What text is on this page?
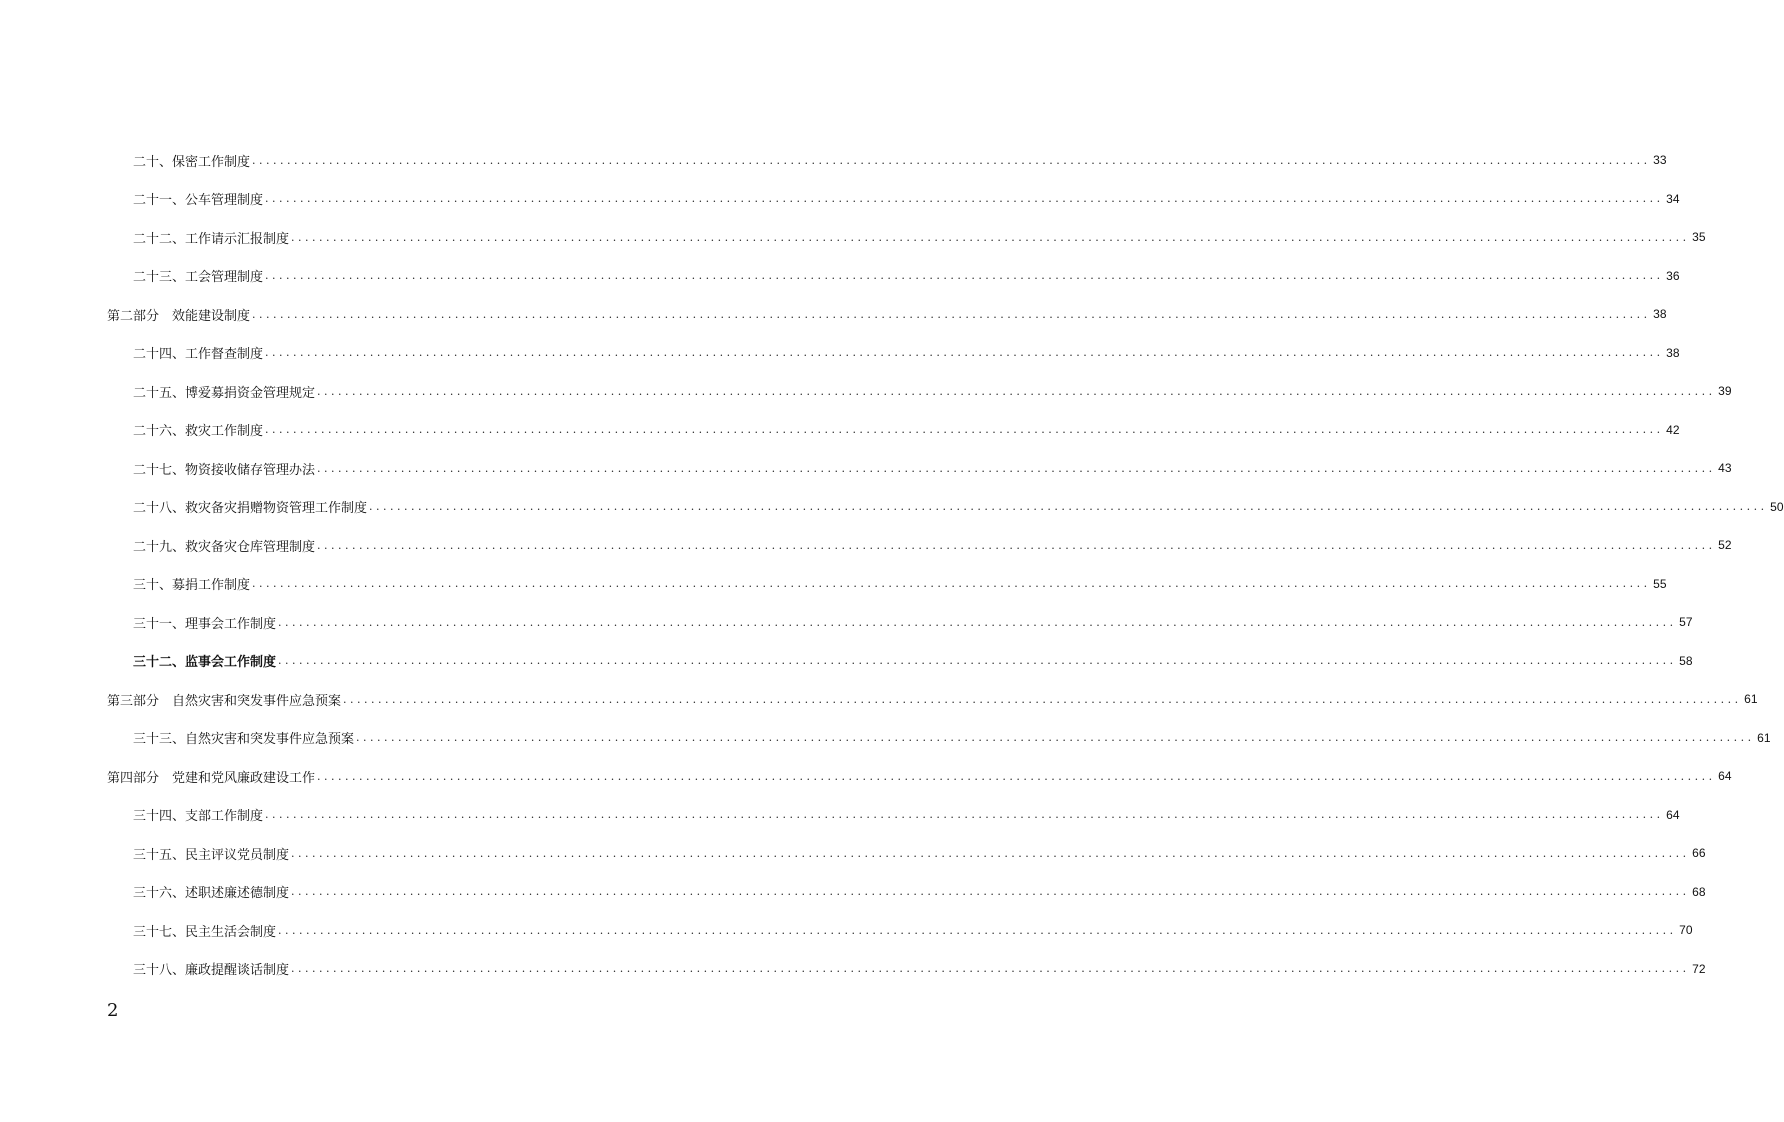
二十、保密工作制度 . . . . . . . . . . . . . . . . . . . . . . . . . . . . . . . . . . . . . . . . . . . . . . . . . . . . . . . . . . . . . . . . . . . . . . . . . . . . . . . . . . . . . . . . . . . . . . . . . . . . . . . . . . . . . . . . . . . . . . . . . . . . . . . . . . . . . . . . . . . . . . . . . . . . . . . . . . . . . . . . . . . . . . . . . . . . . . . . . . . . . . . . . . . . . . . . . . . . . . . . 33
二十一、公车管理制度 . . . . . . . . . . . . . . . . . . . . . . . . . . . . . . . . . . . . . . . . . . . . . . . . . . . . . . . . . . . . . . . . . . . . . . . . . . . . . . . . . . . . . . . . . . . . . . . . . . . . . . . . . . . . . . . . . . . . . . . . . . . . . . . . . . . . . . . . . . . . . . . . . . . . . . . . . . . . . . . . . . . . . . . . . . . . . . . . . . . . . . . . . . . . . . . . . . . . . . . . 34
二十二、工作请示汇报制度 . . . . . . . . . . . . . . . . . . . . . . . . . . . . . . . . . . . . . . . . . . . . . . . . . . . . . . . . . . . . . . . . . . . . . . . . . . . . . . . . . . . . . . . . . . . . . . . . . . . . . . . . . . . . . . . . . . . . . . . . . . . . . . . . . . . . . . . . . . . . . . . . . . . . . . . . . . . . . . . . . . . . . . . . . . . . . . . . . . . . . . . . . . . . . . . . . . . . . . . . 35
二十三、工会管理制度 . . . . . . . . . . . . . . . . . . . . . . . . . . . . . . . . . . . . . . . . . . . . . . . . . . . . . . . . . . . . . . . . . . . . . . . . . . . . . . . . . . . . . . . . . . . . . . . . . . . . . . . . . . . . . . . . . . . . . . . . . . . . . . . . . . . . . . . . . . . . . . . . . . . . . . . . . . . . . . . . . . . . . . . . . . . . . . . . . . . . . . . . . . . . . . . . . . . . . . . . 36
第二部分　效能建设制度 . . . . . . . . . . . . . . . . . . . . . . . . . . . . . . . . . . . . . . . . . . . . . . . . . . . . . . . . . . . . . . . . . . . . . . . . . . . . . . . . . . . . . . . . . . . . . . . . . . . . . . . . . . . . . . . . . . . . . . . . . . . . . . . . . . . . . . . . . . . . . . . . . . . . . . . . . . . . . . . . . . . . . . . . . . . . . . . . . . . . . . . . . . . . . . . . . . . . . . . . 38
二十四、工作督查制度 . . . . . . . . . . . . . . . . . . . . . . . . . . . . . . . . . . . . . . . . . . . . . . . . . . . . . . . . . . . . . . . . . . . . . . . . . . . . . . . . . . . . . . . . . . . . . . . . . . . . . . . . . . . . . . . . . . . . . . . . . . . . . . . . . . . . . . . . . . . . . . . . . . . . . . . . . . . . . . . . . . . . . . . . . . . . . . . . . . . . . . . . . . . . . . . . . . . . . . . . 38
二十五、博爱募捐资金管理规定 . . . . . . . . . . . . . . . . . . . . . . . . . . . . . . . . . . . . . . . . . . . . . . . . . . . . . . . . . . . . . . . . . . . . . . . . . . . . . . . . . . . . . . . . . . . . . . . . . . . . . . . . . . . . . . . . . . . . . . . . . . . . . . . . . . . . . . . . . . . . . . . . . . . . . . . . . . . . . . . . . . . . . . . . . . . . . . . . . . . . . . . . . . . . . . . . . . . . . . . . 39
二十六、救灾工作制度 . . . . . . . . . . . . . . . . . . . . . . . . . . . . . . . . . . . . . . . . . . . . . . . . . . . . . . . . . . . . . . . . . . . . . . . . . . . . . . . . . . . . . . . . . . . . . . . . . . . . . . . . . . . . . . . . . . . . . . . . . . . . . . . . . . . . . . . . . . . . . . . . . . . . . . . . . . . . . . . . . . . . . . . . . . . . . . . . . . . . . . . . . . . . . . . . . . . . . . . . 42
二十七、物资接收储存管理办法 . . . . . . . . . . . . . . . . . . . . . . . . . . . . . . . . . . . . . . . . . . . . . . . . . . . . . . . . . . . . . . . . . . . . . . . . . . . . . . . . . . . . . . . . . . . . . . . . . . . . . . . . . . . . . . . . . . . . . . . . . . . . . . . . . . . . . . . . . . . . . . . . . . . . . . . . . . . . . . . . . . . . . . . . . . . . . . . . . . . . . . . . . . . . . . . . . . . . . . . . 43
二十八、救灾备灾捐赠物资管理工作制度 . . . . . . . . . . . . . . . . . . . . . . . . . . . . . . . . . . . . . . . . . . . . . . . . . . . . . . . . . . . . . . . . . . . . . . . . . . . . . . . . . . . . . . . . . . . . . . . . . . . . . . . . . . . . . . . . . . . . . . . . . . . . . . . . . . . . . . . . . . . . . . . . . . . . . . . . . . . . . . . . . . . . . . . . . . . . . . . . . . . . . . . . . . . . . . . . . . . . . . . . 50
二十九、救灾备灾仓库管理制度 . . . . . . . . . . . . . . . . . . . . . . . . . . . . . . . . . . . . . . . . . . . . . . . . . . . . . . . . . . . . . . . . . . . . . . . . . . . . . . . . . . . . . . . . . . . . . . . . . . . . . . . . . . . . . . . . . . . . . . . . . . . . . . . . . . . . . . . . . . . . . . . . . . . . . . . . . . . . . . . . . . . . . . . . . . . . . . . . . . . . . . . . . . . . . . . . . . . . . . . . 52
三十、募捐工作制度 . . . . . . . . . . . . . . . . . . . . . . . . . . . . . . . . . . . . . . . . . . . . . . . . . . . . . . . . . . . . . . . . . . . . . . . . . . . . . . . . . . . . . . . . . . . . . . . . . . . . . . . . . . . . . . . . . . . . . . . . . . . . . . . . . . . . . . . . . . . . . . . . . . . . . . . . . . . . . . . . . . . . . . . . . . . . . . . . . . . . . . . . . . . . . . . . . . . . . . . . 55
三十一、理事会工作制度 . . . . . . . . . . . . . . . . . . . . . . . . . . . . . . . . . . . . . . . . . . . . . . . . . . . . . . . . . . . . . . . . . . . . . . . . . . . . . . . . . . . . . . . . . . . . . . . . . . . . . . . . . . . . . . . . . . . . . . . . . . . . . . . . . . . . . . . . . . . . . . . . . . . . . . . . . . . . . . . . . . . . . . . . . . . . . . . . . . . . . . . . . . . . . . . . . . . . . . . . 57
三十二、监事会工作制度 . . . . . . . . . . . . . . . . . . . . . . . . . . . . . . . . . . . . . . . . . . . . . . . . . . . . . . . . . . . . . . . . . . . . . . . . . . . . . . . . . . . . . . . . . . . . . . . . . . . . . . . . . . . . . . . . . . . . . . . . . . . . . . . . . . . . . . . . . . . . . . . . . . . . . . . . . . . . . . . . . . . . . . . . . . . . . . . . . . . . . . . . . . . . . . . . . . . . . . . . 58
第三部分　自然灾害和突发事件应急预案 . . . . . . . . . . . . . . . . . . . . . . . . . . . . . . . . . . . . . . . . . . . . . . . . . . . . . . . . . . . . . . . . . . . . . . . . . . . . . . . . . . . . . . . . . . . . . . . . . . . . . . . . . . . . . . . . . . . . . . . . . . . . . . . . . . . . . . . . . . . . . . . . . . . . . . . . . . . . . . . . . . . . . . . . . . . . . . . . . . . . . . . . . . . . . . . . . . . . . . . . 61
三十三、自然灾害和突发事件应急预案 . . . . . . . . . . . . . . . . . . . . . . . . . . . . . . . . . . . . . . . . . . . . . . . . . . . . . . . . . . . . . . . . . . . . . . . . . . . . . . . . . . . . . . . . . . . . . . . . . . . . . . . . . . . . . . . . . . . . . . . . . . . . . . . . . . . . . . . . . . . . . . . . . . . . . . . . . . . . . . . . . . . . . . . . . . . . . . . . . . . . . . . . . . . . . . . . . . . . . . . . 61
第四部分　党建和党风廉政建设工作 . . . . . . . . . . . . . . . . . . . . . . . . . . . . . . . . . . . . . . . . . . . . . . . . . . . . . . . . . . . . . . . . . . . . . . . . . . . . . . . . . . . . . . . . . . . . . . . . . . . . . . . . . . . . . . . . . . . . . . . . . . . . . . . . . . . . . . . . . . . . . . . . . . . . . . . . . . . . . . . . . . . . . . . . . . . . . . . . . . . . . . . . . . . . . . . . . . . . . . . . 64
三十四、支部工作制度 . . . . . . . . . . . . . . . . . . . . . . . . . . . . . . . . . . . . . . . . . . . . . . . . . . . . . . . . . . . . . . . . . . . . . . . . . . . . . . . . . . . . . . . . . . . . . . . . . . . . . . . . . . . . . . . . . . . . . . . . . . . . . . . . . . . . . . . . . . . . . . . . . . . . . . . . . . . . . . . . . . . . . . . . . . . . . . . . . . . . . . . . . . . . . . . . . . . . . . . . 64
三十五、民主评议党员制度 . . . . . . . . . . . . . . . . . . . . . . . . . . . . . . . . . . . . . . . . . . . . . . . . . . . . . . . . . . . . . . . . . . . . . . . . . . . . . . . . . . . . . . . . . . . . . . . . . . . . . . . . . . . . . . . . . . . . . . . . . . . . . . . . . . . . . . . . . . . . . . . . . . . . . . . . . . . . . . . . . . . . . . . . . . . . . . . . . . . . . . . . . . . . . . . . . . . . . . . . 66
三十六、述职述廉述德制度 . . . . . . . . . . . . . . . . . . . . . . . . . . . . . . . . . . . . . . . . . . . . . . . . . . . . . . . . . . . . . . . . . . . . . . . . . . . . . . . . . . . . . . . . . . . . . . . . . . . . . . . . . . . . . . . . . . . . . . . . . . . . . . . . . . . . . . . . . . . . . . . . . . . . . . . . . . . . . . . . . . . . . . . . . . . . . . . . . . . . . . . . . . . . . . . . . . . . . . . . 68
三十七、民主生活会制度 . . . . . . . . . . . . . . . . . . . . . . . . . . . . . . . . . . . . . . . . . . . . . . . . . . . . . . . . . . . . . . . . . . . . . . . . . . . . . . . . . . . . . . . . . . . . . . . . . . . . . . . . . . . . . . . . . . . . . . . . . . . . . . . . . . . . . . . . . . . . . . . . . . . . . . . . . . . . . . . . . . . . . . . . . . . . . . . . . . . . . . . . . . . . . . . . . . . . . . . . 70
三十八、廉政提醒谈话制度 . . . . . . . . . . . . . . . . . . . . . . . . . . . . . . . . . . . . . . . . . . . . . . . . . . . . . . . . . . . . . . . . . . . . . . . . . . . . . . . . . . . . . . . . . . . . . . . . . . . . . . . . . . . . . . . . . . . . . . . . . . . . . . . . . . . . . . . . . . . . . . . . . . . . . . . . . . . . . . . . . . . . . . . . . . . . . . . . . . . . . . . . . . . . . . . . . . . . . . . . 72
2
